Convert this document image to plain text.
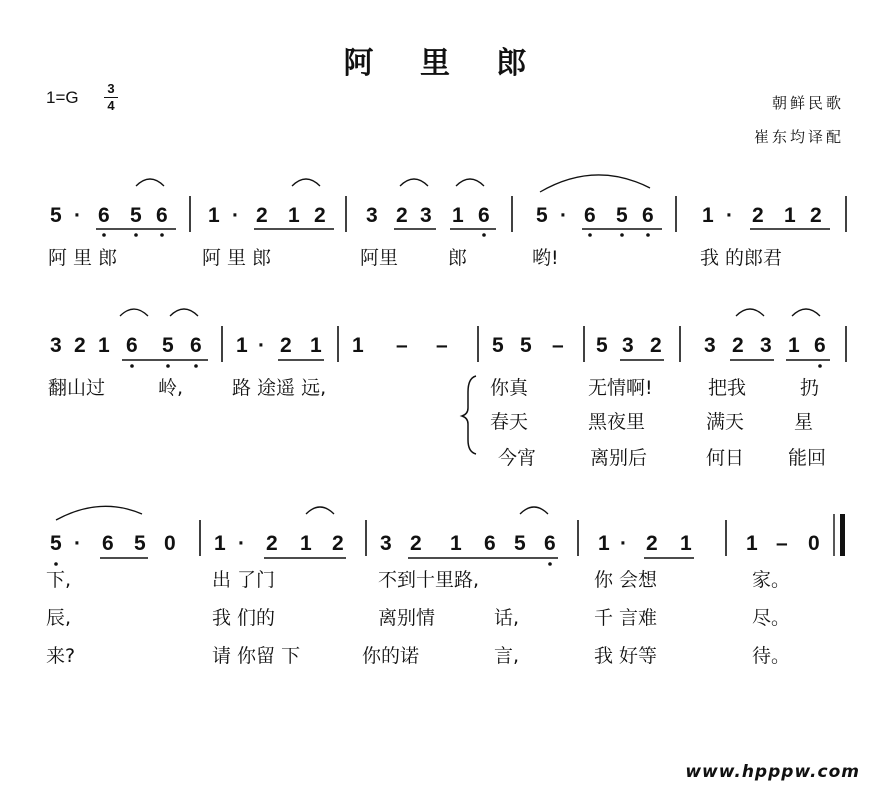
阿 里 郎
1=G 3
4	朝鲜民歌
崔东均译配
5 · 6 5 6 1 · 2 1 2 3 2 3 1 6 5 · 6 5 6 1 · 2 1 2
阿 里 郎	阿 里 郎	阿里	郎	哟!	我 的郎君
3 2 1 6 5 6 1 · 2 1 1 – – 5 5 – 5 3 2 3 2 3 1 6
翻山过	岭,	路 途遥 远,	你真	无情啊!	把我	扔
春天	黑夜里	满天	星
今宵	离别后	何日 能回
5 · 6 5 0 1 · 2 1 2 3 2 1 6 5 6 1 · 2 1	1 – 0
下,	出 了门	不到十里路,	你 会想	家。
辰,	我 们的	离别情	话,	千 言难	尽。
来?	请 你留 下	你的诺	言,	我 好等	待。
www.hpppw.com
